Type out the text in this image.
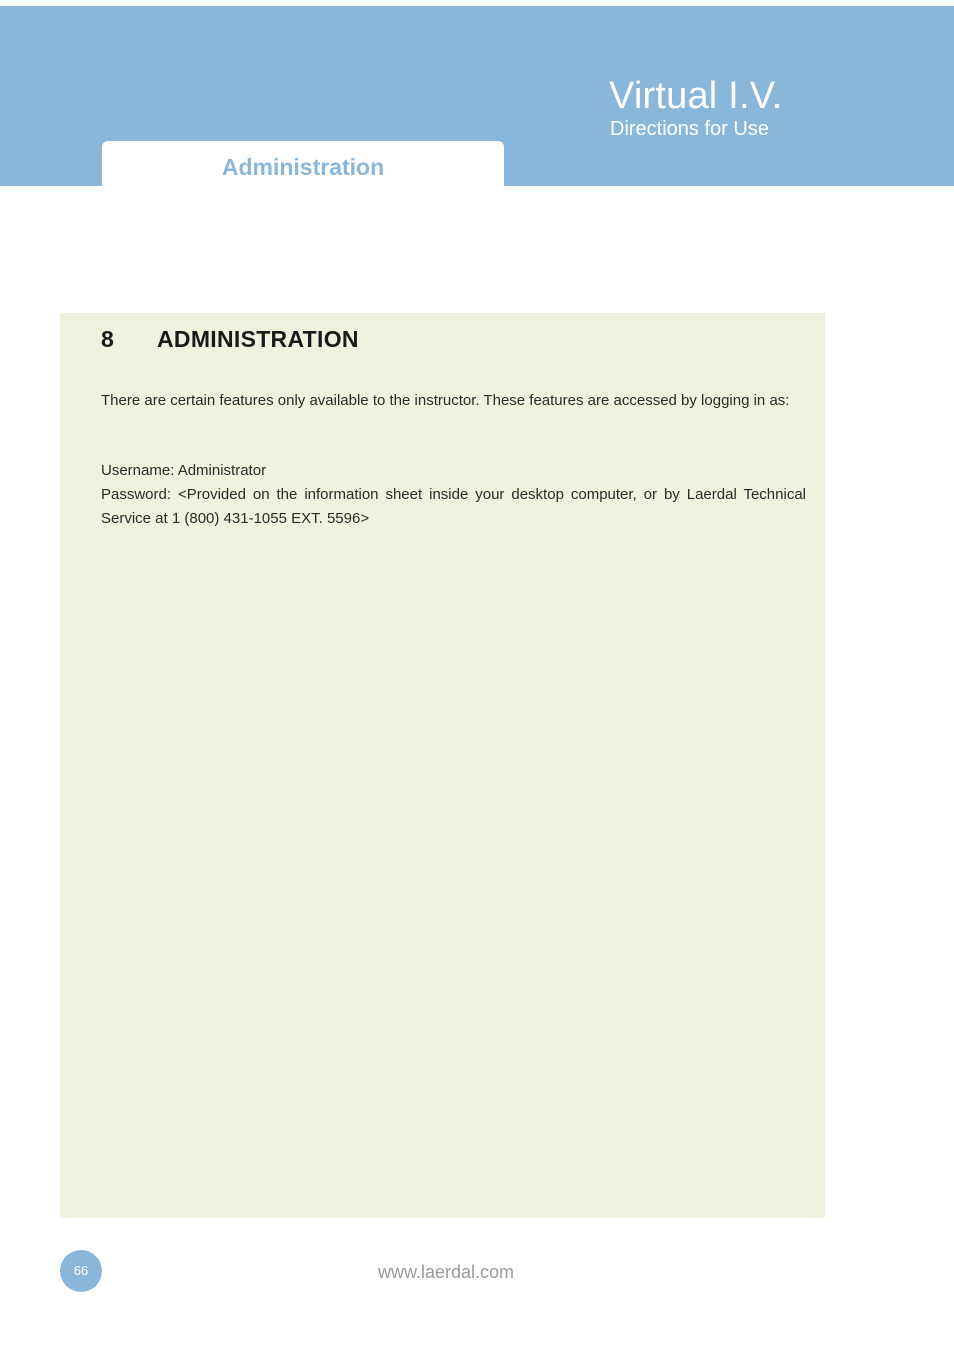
Virtual I.V.
Directions for Use
Administration
8 ADMINISTRATION
There are certain features only available to the instructor. These features are accessed by logging in as:
Username: Administrator
Password: <Provided on the information sheet inside your desktop computer, or by Laerdal Technical Service at 1 (800) 431-1055 EXT. 5596>
66	www.laerdal.com
